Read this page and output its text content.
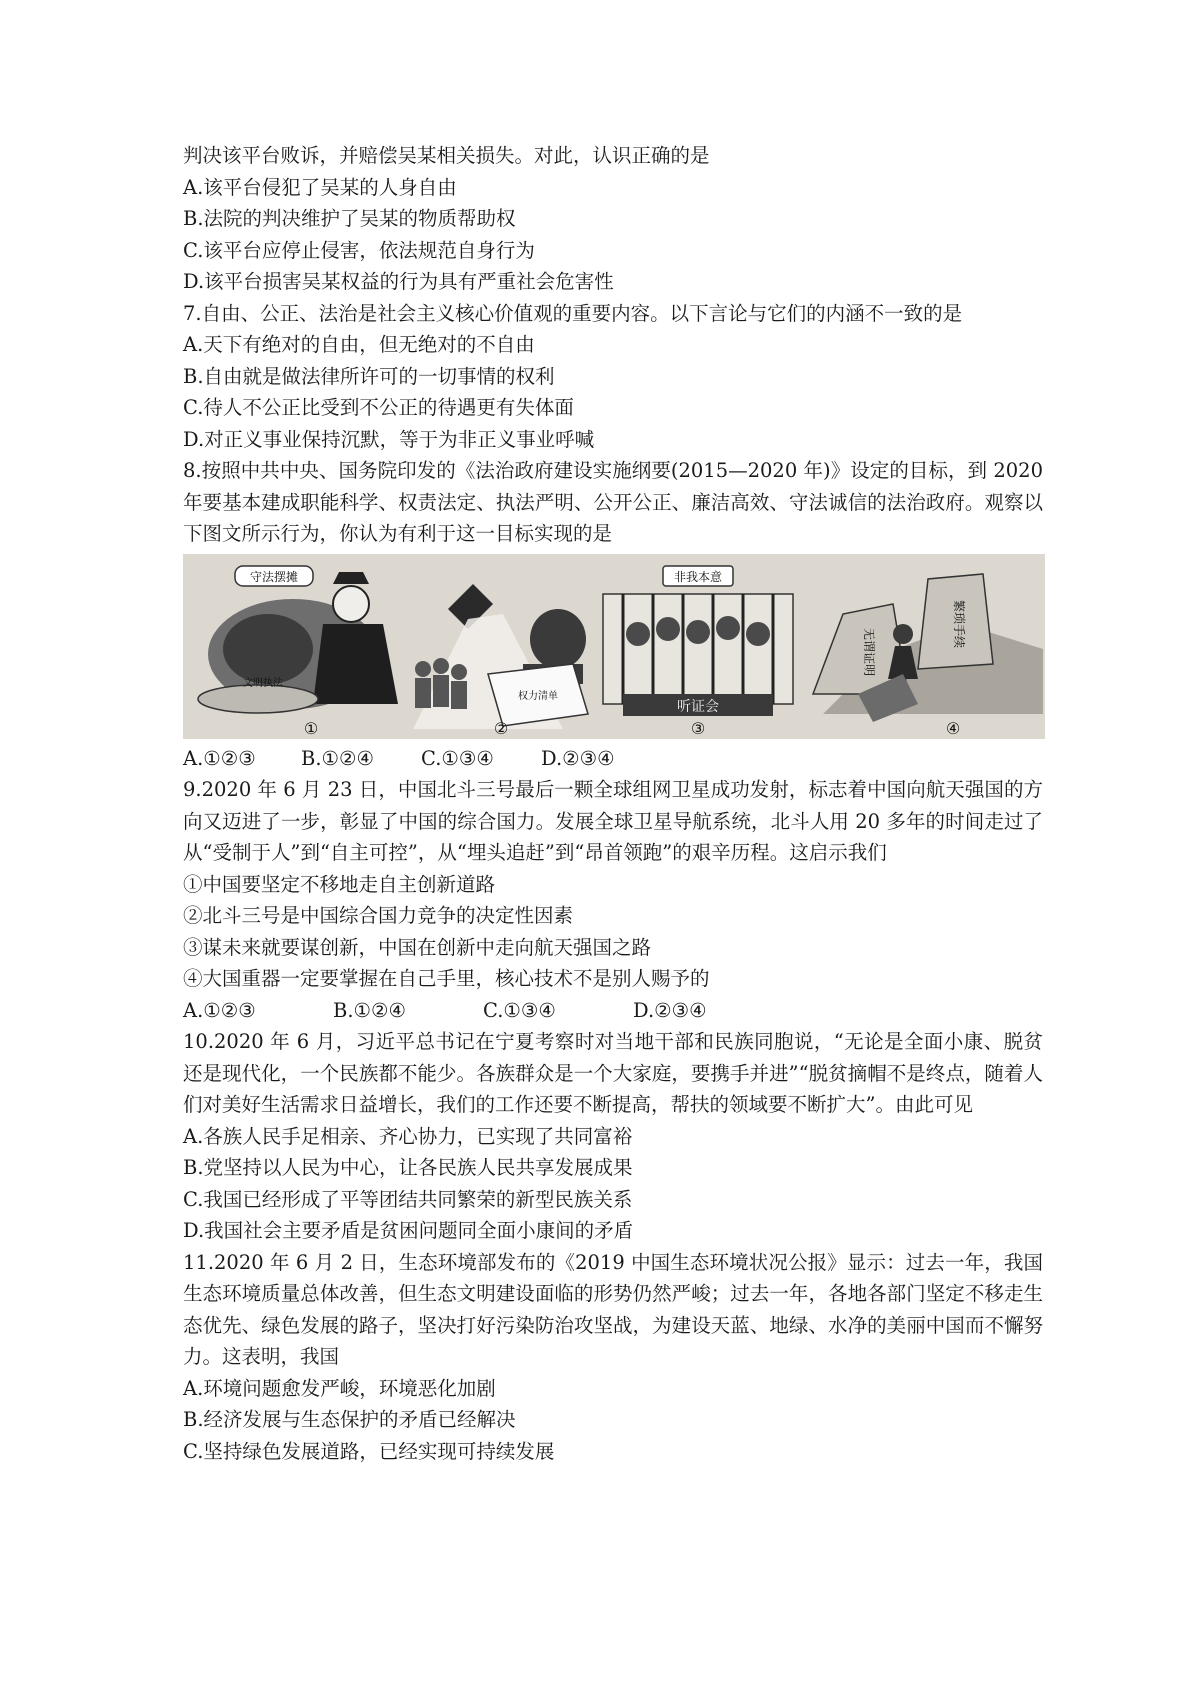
判决该平台败诉，并赔偿吴某相关损失。对此，认识正确的是
A.该平台侵犯了吴某的人身自由
B.法院的判决维护了吴某的物质帮助权
C.该平台应停止侵害，依法规范自身行为
D.该平台损害吴某权益的行为具有严重社会危害性
7.自由、公正、法治是社会主义核心价值观的重要内容。以下言论与它们的内涵不一致的是
A.天下有绝对的自由，但无绝对的不自由
B.自由就是做法律所许可的一切事情的权利
C.待人不公正比受到不公正的待遇更有失体面
D.对正义事业保持沉默，等于为非正义事业呼喊
8.按照中共中央、国务院印发的《法治政府建设实施纲要(2015—2020 年)》设定的目标，到 2020 年要基本建成职能科学、权责法定、执法严明、公开公正、廉洁高效、守法诚信的法治政府。观察以下图文所示行为，你认为有利于这一目标实现的是
守法摆摊
文明执法
①
权力清单
②
非我本意
听证会
③
繁琐手续
无谓证明
④
A.①②③ B.①②④ C.①③④ D.②③④
9.2020 年 6 月 23 日，中国北斗三号最后一颗全球组网卫星成功发射，标志着中国向航天强国的方向又迈进了一步，彰显了中国的综合国力。发展全球卫星导航系统，北斗人用 20 多年的时间走过了从“受制于人”到“自主可控”，从“埋头追赶”到“昂首领跑”的艰辛历程。这启示我们
①中国要坚定不移地走自主创新道路
②北斗三号是中国综合国力竞争的决定性因素
③谋未来就要谋创新，中国在创新中走向航天强国之路
④大国重器一定要掌握在自己手里，核心技术不是别人赐予的
A.①②③	B.①②④	C.①③④	D.②③④
10.2020 年 6 月，习近平总书记在宁夏考察时对当地干部和民族同胞说，“无论是全面小康、脱贫还是现代化，一个民族都不能少。各族群众是一个大家庭，要携手并进”“脱贫摘帽不是终点，随着人们对美好生活需求日益增长，我们的工作还要不断提高，帮扶的领域要不断扩大”。由此可见
A.各族人民手足相亲、齐心协力，已实现了共同富裕
B.党坚持以人民为中心，让各民族人民共享发展成果
C.我国已经形成了平等团结共同繁荣的新型民族关系
D.我国社会主要矛盾是贫困问题同全面小康间的矛盾
11.2020 年 6 月 2 日，生态环境部发布的《2019 中国生态环境状况公报》显示：过去一年，我国生态环境质量总体改善，但生态文明建设面临的形势仍然严峻；过去一年，各地各部门坚定不移走生态优先、绿色发展的路子，坚决打好污染防治攻坚战，为建设天蓝、地绿、水净的美丽中国而不懈努力。这表明，我国
A.环境问题愈发严峻，环境恶化加剧
B.经济发展与生态保护的矛盾已经解决
C.坚持绿色发展道路，已经实现可持续发展
